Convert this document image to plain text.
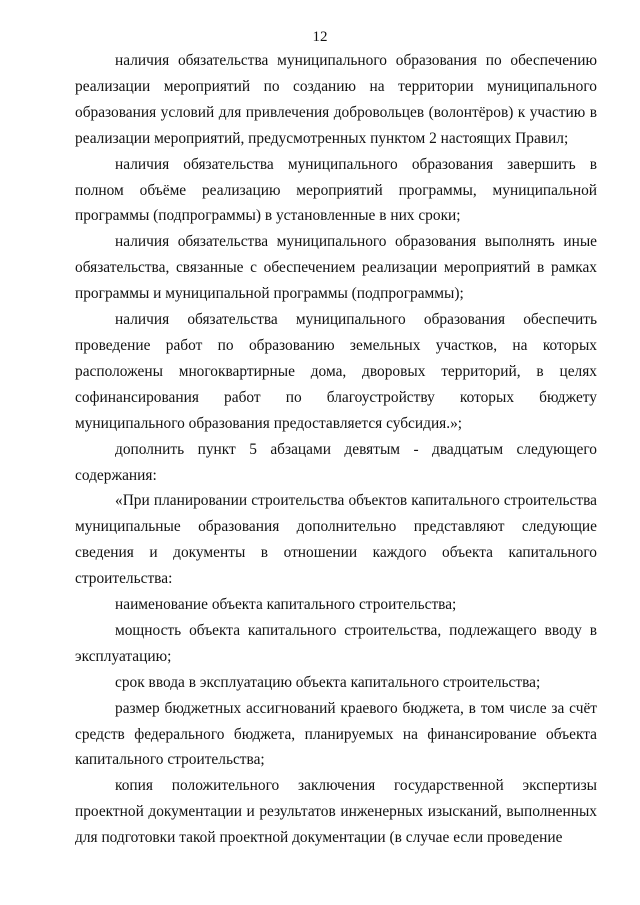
12

наличия обязательства муниципального образования по обеспечению реализации мероприятий по созданию на территории муниципального образования условий для привлечения добровольцев (волонтёров) к участию в реализации мероприятий, предусмотренных пунктом 2 настоящих Правил;

наличия обязательства муниципального образования завершить в полном объёме реализацию мероприятий программы, муниципальной программы (подпрограммы) в установленные в них сроки;

наличия обязательства муниципального образования выполнять иные обязательства, связанные с обеспечением реализации мероприятий в рамках программы и муниципальной программы (подпрограммы);

наличия обязательства муниципального образования обеспечить проведение работ по образованию земельных участков, на которых расположены многоквартирные дома, дворовых территорий, в целях софинансирования работ по благоустройству которых бюджету муниципального образования предоставляется субсидия.»;

дополнить пункт 5 абзацами девятым - двадцатым следующего содержания:

«При планировании строительства объектов капитального строительства муниципальные образования дополнительно представляют следующие сведения и документы в отношении каждого объекта капитального строительства:

наименование объекта капитального строительства;

мощность объекта капитального строительства, подлежащего вводу в эксплуатацию;

срок ввода в эксплуатацию объекта капитального строительства;

размер бюджетных ассигнований краевого бюджета, в том числе за счёт средств федерального бюджета, планируемых на финансирование объекта капитального строительства;

копия положительного заключения государственной экспертизы проектной документации и результатов инженерных изысканий, выполненных для подготовки такой проектной документации (в случае если проведение
